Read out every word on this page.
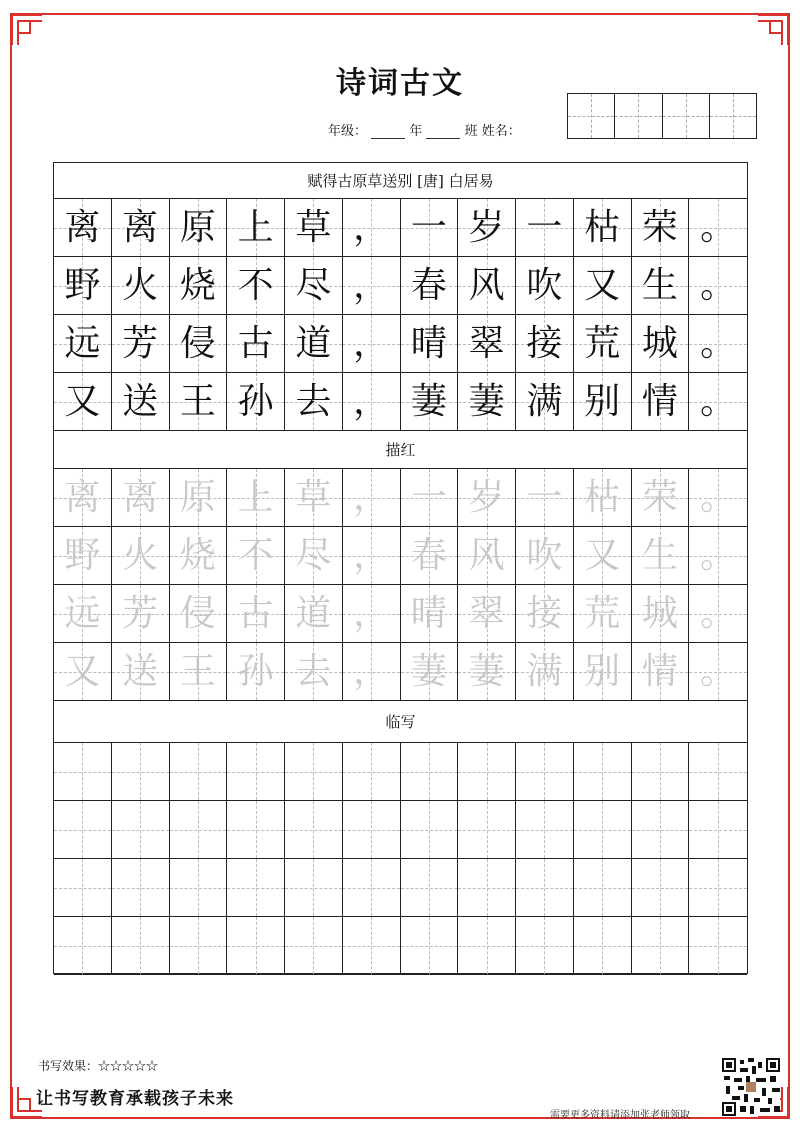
诗词古文
年级：	年	班 姓名：
赋得古原草送别 [唐] 白居易
离 离 原 上 草 ， 一 岁 一 枯 荣 。
野 火 烧 不 尽 ， 春 风 吹 又 生 。
远 芳 侵 古 道 ， 晴 翠 接 荒 城 。
又 送 王 孙 去 ， 萋 萋 满 别 情 。
描红
离 离 原 上 草 ， 一 岁 一 枯 荣 。
野 火 烧 不 尽 ， 春 风 吹 又 生 。
远 芳 侵 古 道 ， 晴 翠 接 荒 城 。
又 送 王 孙 去 ， 萋 萋 满 别 情 。
临写
书写效果：☆☆☆☆☆
让书写教育承载孩子未来
需要更多资料请添加张老师领取
